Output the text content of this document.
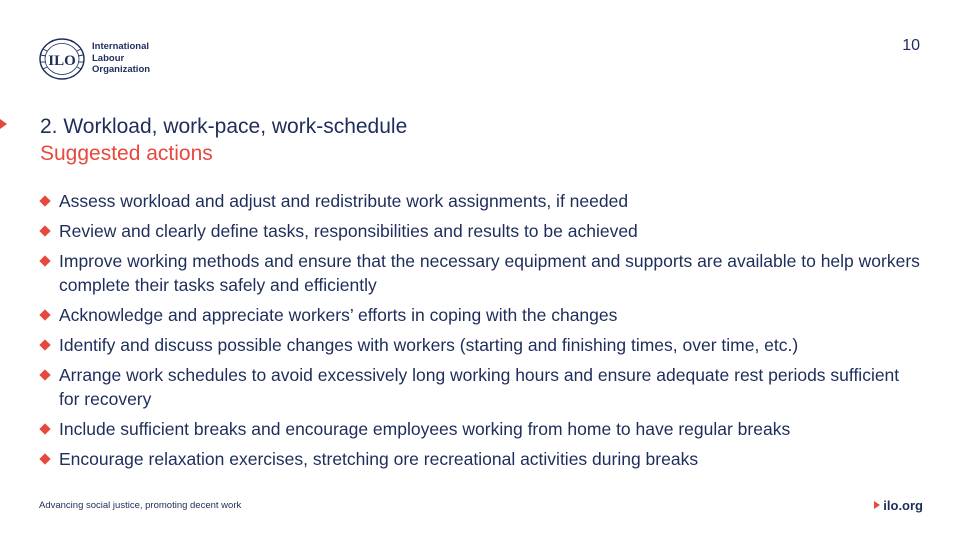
ILO
International
Labour
Organization
10
2. Workload, work-pace, work-schedule
Suggested actions
Assess workload and adjust and redistribute work assignments, if needed
Review and clearly define tasks, responsibilities and results to be achieved
Improve working methods and ensure that the necessary equipment and supports are available to help workers complete their tasks safely and efficiently
Acknowledge and appreciate workers’ efforts in coping with the changes
Identify and discuss possible changes with workers (starting and finishing times, over time, etc.)
Arrange work schedules to avoid excessively long working hours and ensure adequate rest periods sufficient for recovery
Include sufficient breaks and encourage employees working from home to have regular breaks
Encourage relaxation exercises, stretching ore recreational activities during breaks
Advancing social justice, promoting decent work	ilo.org
